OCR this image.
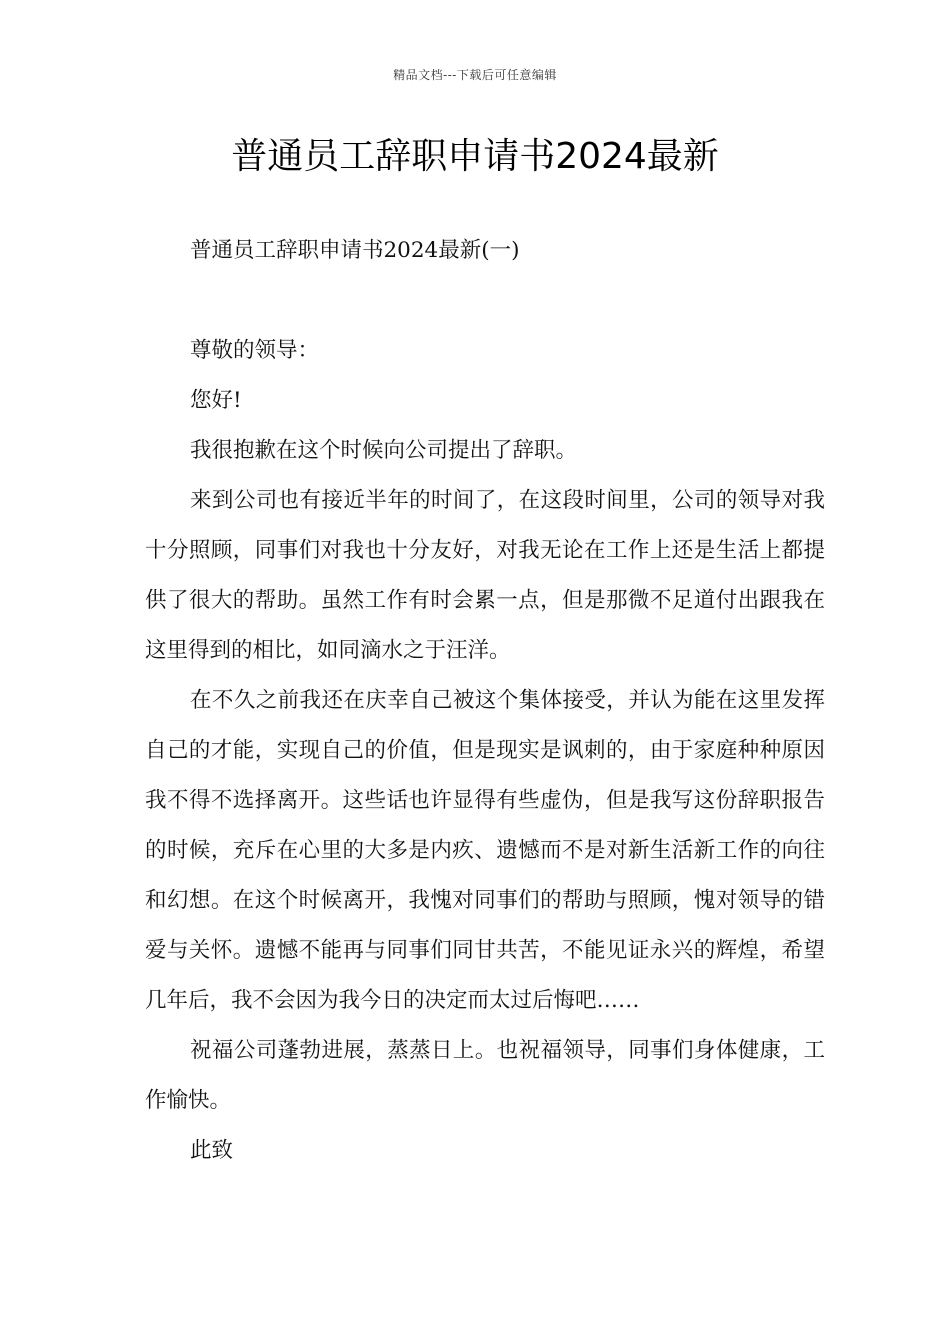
精品文档---下载后可任意编辑
普通员工辞职申请书2024最新

普通员工辞职申请书2024最新(一)

尊敬的领导：

您好!

我很抱歉在这个时候向公司提出了辞职。

来到公司也有接近半年的时间了，在这段时间里，公司的领导对我十分照顾，同事们对我也十分友好，对我无论在工作上还是生活上都提供了很大的帮助。虽然工作有时会累一点，但是那微不足道付出跟我在这里得到的相比，如同滴水之于汪洋。

在不久之前我还在庆幸自己被这个集体接受，并认为能在这里发挥自己的才能，实现自己的价值，但是现实是讽刺的，由于家庭种种原因我不得不选择离开。这些话也许显得有些虚伪，但是我写这份辞职报告的时候，充斥在心里的大多是内疚、遗憾而不是对新生活新工作的向往和幻想。在这个时候离开，我愧对同事们的帮助与照顾，愧对领导的错爱与关怀。遗憾不能再与同事们同甘共苦，不能见证永兴的辉煌，希望几年后，我不会因为我今日的决定而太过后悔吧……

祝福公司蓬勃进展，蒸蒸日上。也祝福领导，同事们身体健康，工作愉快。

此致
